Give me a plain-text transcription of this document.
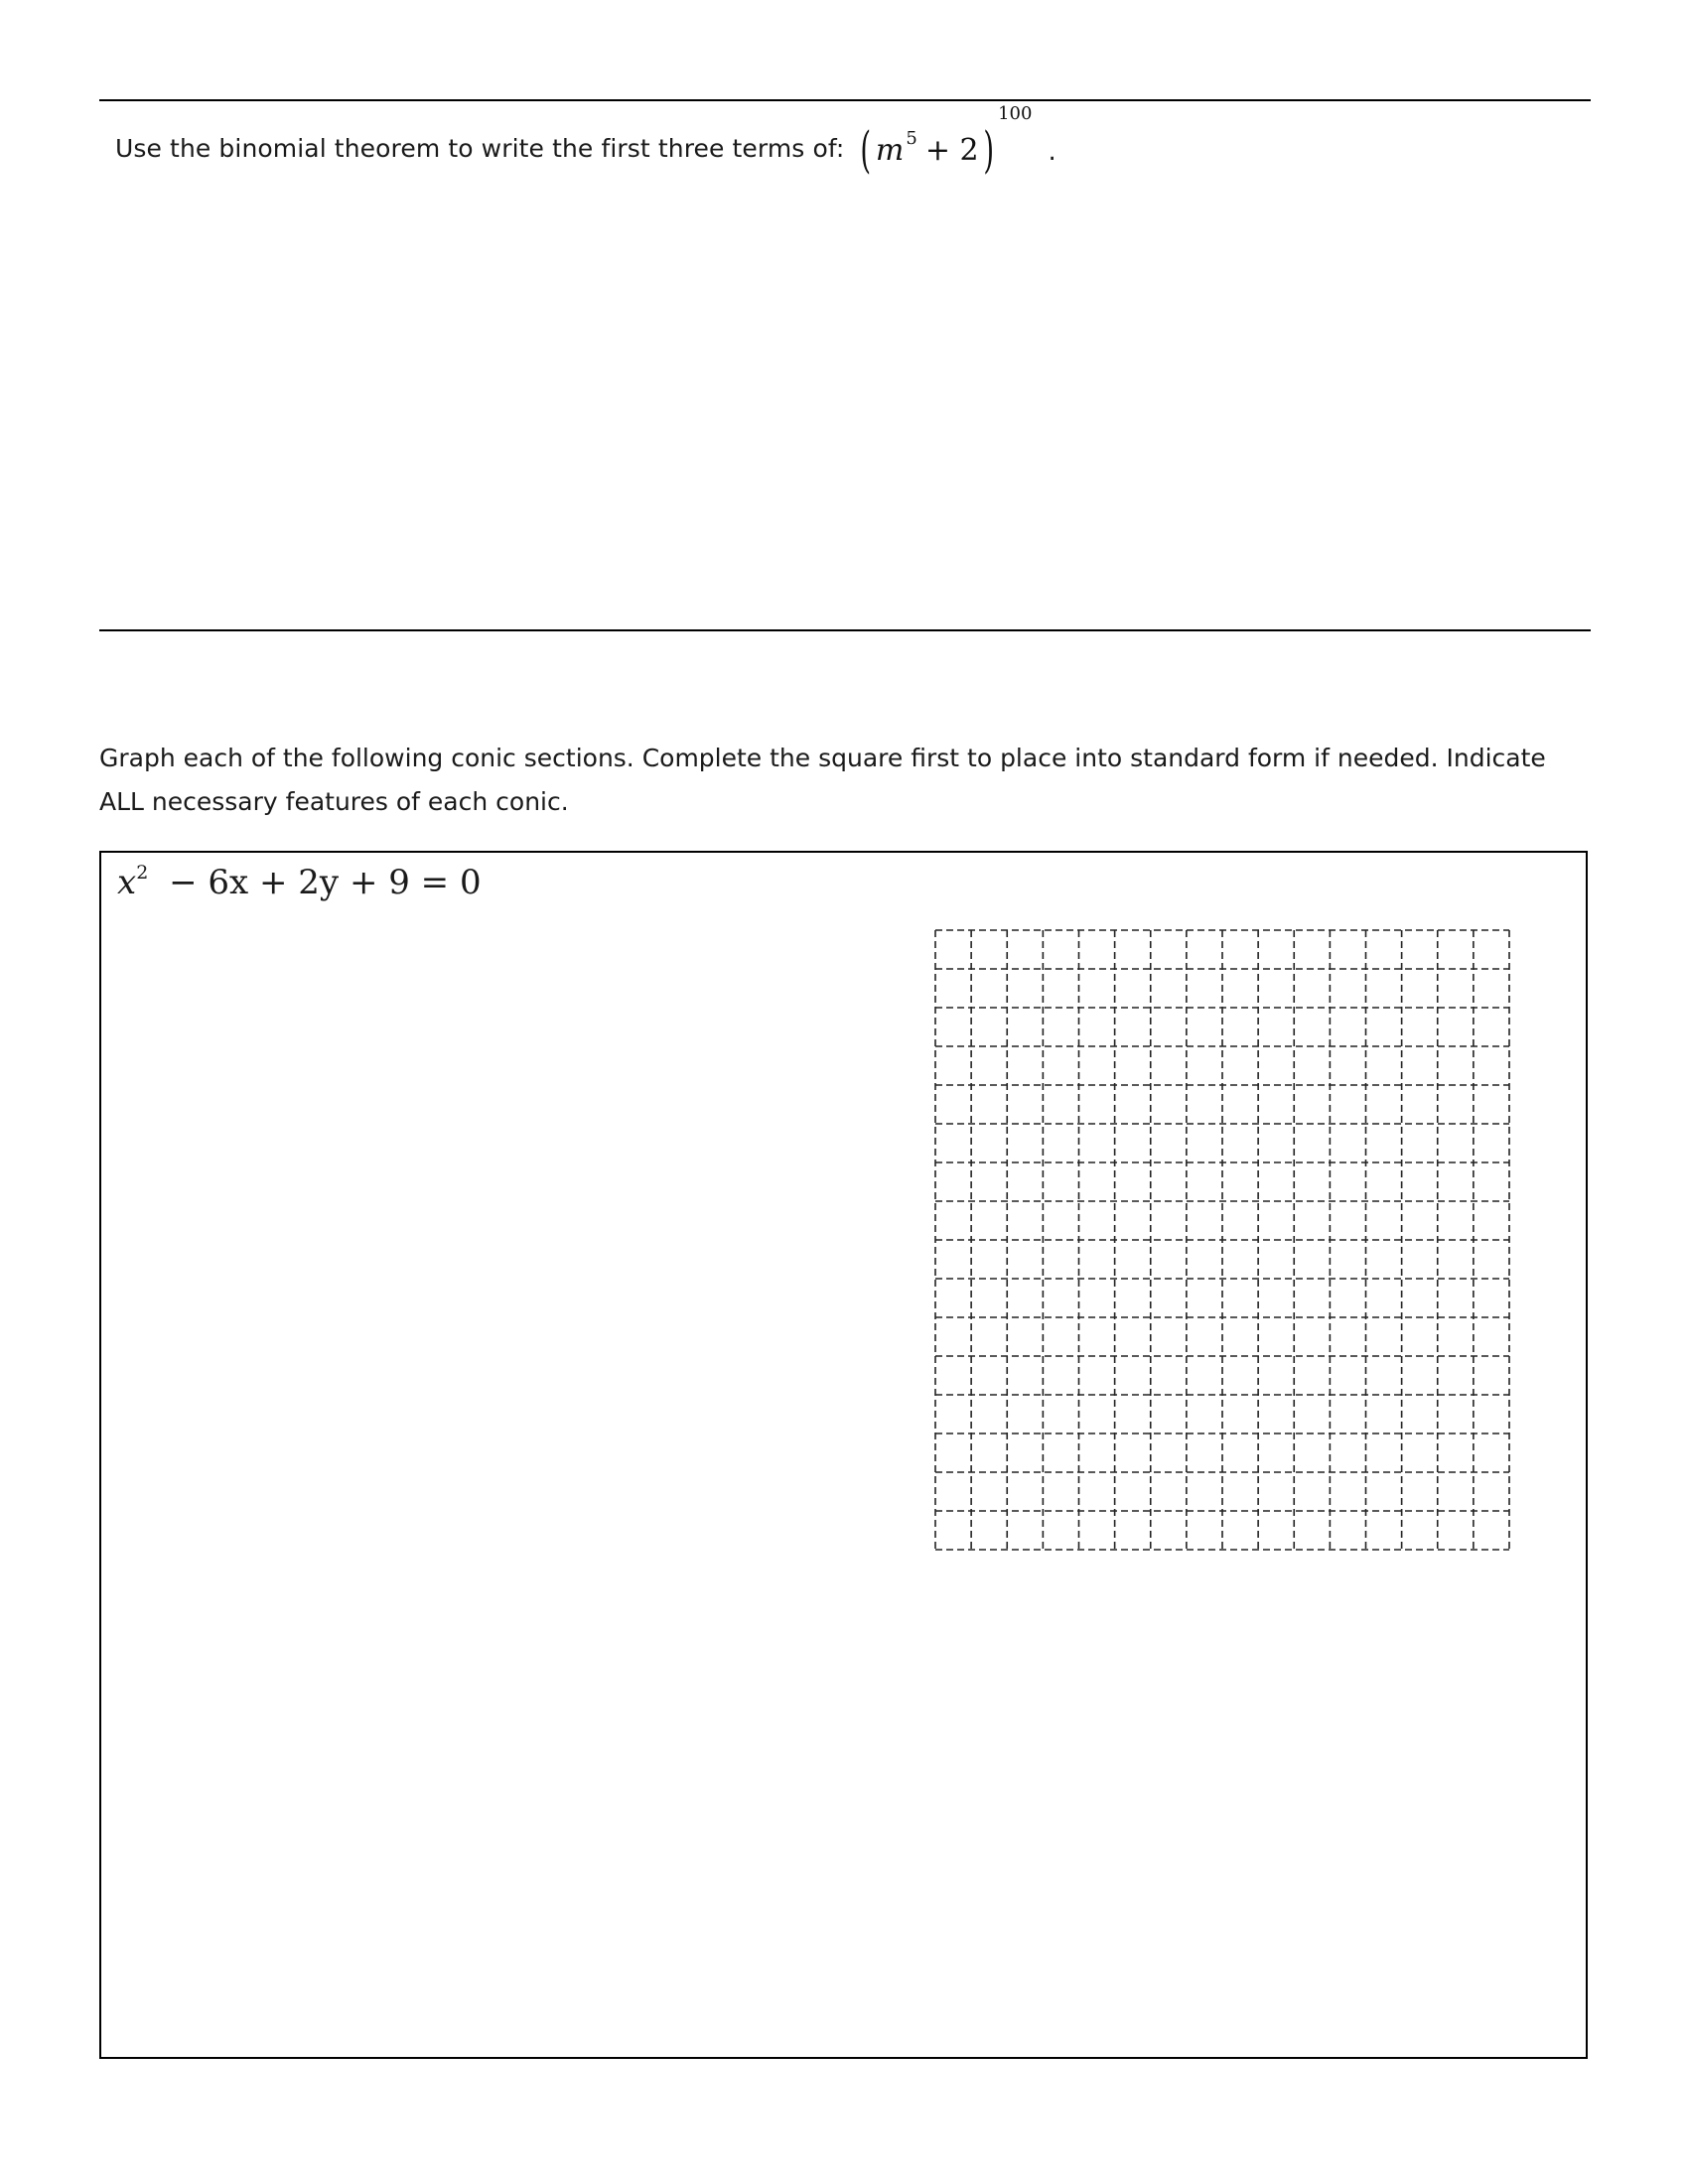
Use the binomial theorem to write the first three terms of: ( m 5 + 2 )
100
.
Graph each of the following conic sections. Complete the square first to place into standard form if needed. Indicate
ALL necessary features of each conic.
$x^2 - 6x + 2y + 9 = 0$
